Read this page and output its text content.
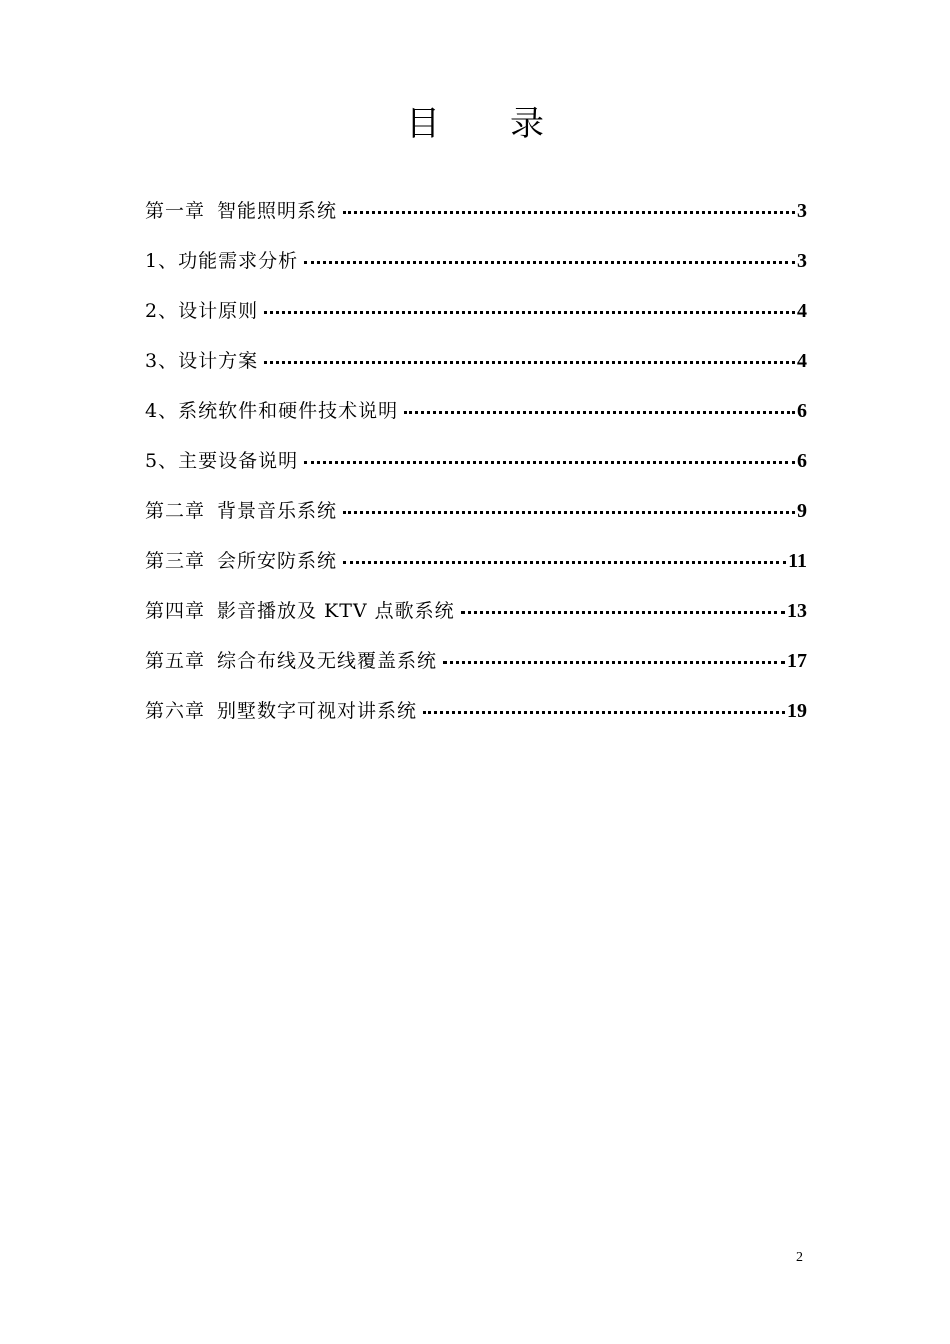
目 录
第一章 智能照明系统	3
1、功能需求分析	3
2、设计原则	4
3、设计方案	4
4、系统软件和硬件技术说明	6
5、主要设备说明	6
第二章 背景音乐系统	9
第三章 会所安防系统	11
第四章 影音播放及 KTV 点歌系统	13
第五章 综合布线及无线覆盖系统	17
第六章 别墅数字可视对讲系统	19
2
